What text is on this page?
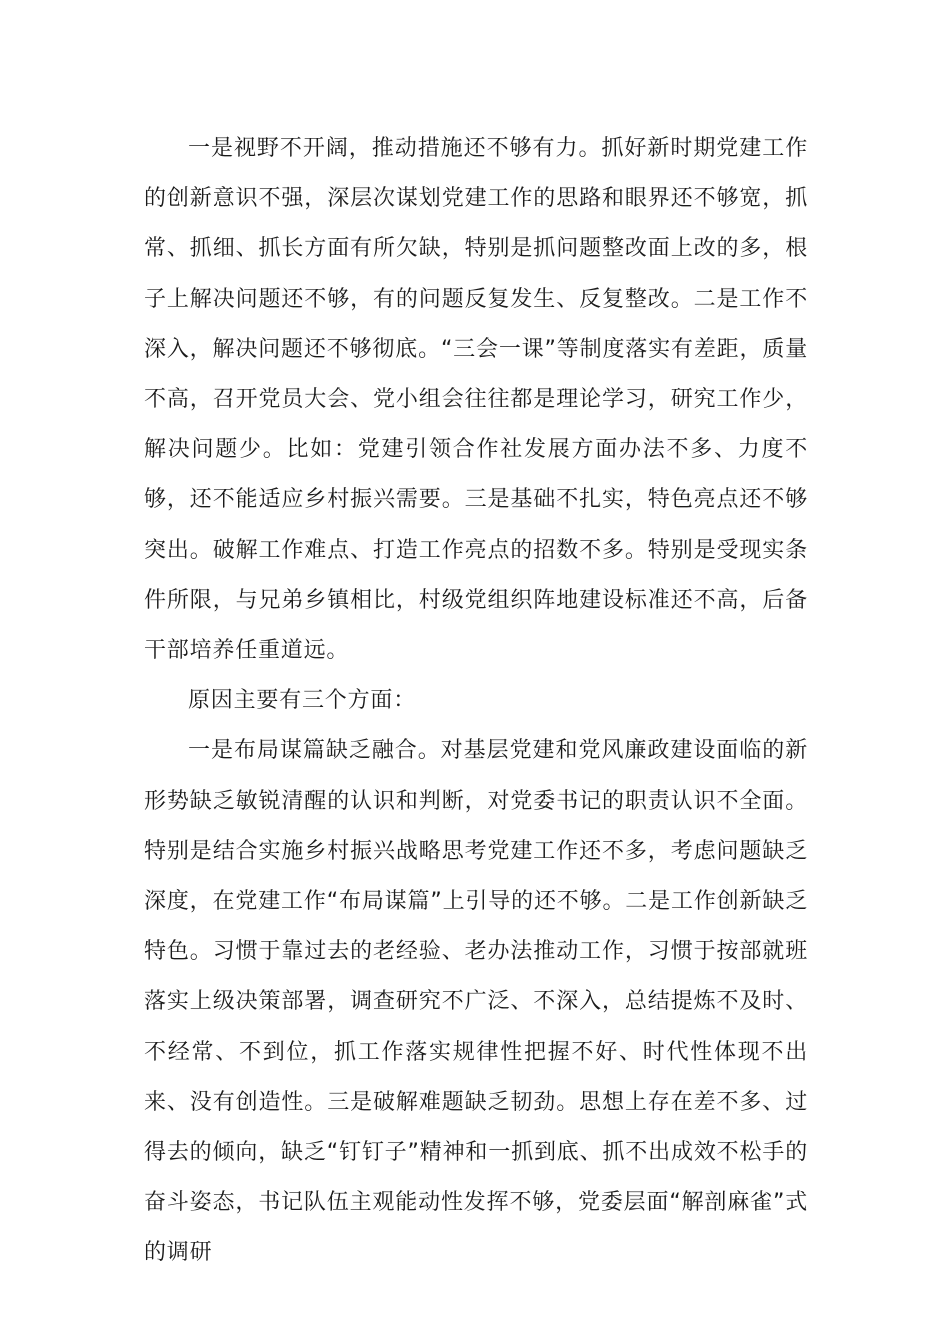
一是视野不开阔，推动措施还不够有力。抓好新时期党建工作的创新意识不强，深层次谋划党建工作的思路和眼界还不够宽，抓常、抓细、抓长方面有所欠缺，特别是抓问题整改面上改的多，根子上解决问题还不够，有的问题反复发生、反复整改。二是工作不深入，解决问题还不够彻底。“三会一课”等制度落实有差距，质量不高，召开党员大会、党小组会往往都是理论学习，研究工作少，解决问题少。比如：党建引领合作社发展方面办法不多、力度不够，还不能适应乡村振兴需要。三是基础不扎实，特色亮点还不够突出。破解工作难点、打造工作亮点的招数不多。特别是受现实条件所限，与兄弟乡镇相比，村级党组织阵地建设标准还不高，后备干部培养任重道远。

原因主要有三个方面：

一是布局谋篇缺乏融合。对基层党建和党风廉政建设面临的新形势缺乏敏锐清醒的认识和判断，对党委书记的职责认识不全面。特别是结合实施乡村振兴战略思考党建工作还不多，考虑问题缺乏深度，在党建工作“布局谋篇”上引导的还不够。二是工作创新缺乏特色。习惯于靠过去的老经验、老办法推动工作，习惯于按部就班落实上级决策部署，调查研究不广泛、不深入，总结提炼不及时、不经常、不到位，抓工作落实规律性把握不好、时代性体现不出来、没有创造性。三是破解难题缺乏韧劲。思想上存在差不多、过得去的倾向，缺乏“钉钉子”精神和一抓到底、抓不出成效不松手的奋斗姿态，书记队伍主观能动性发挥不够，党委层面“解剖麻雀”式的调研
